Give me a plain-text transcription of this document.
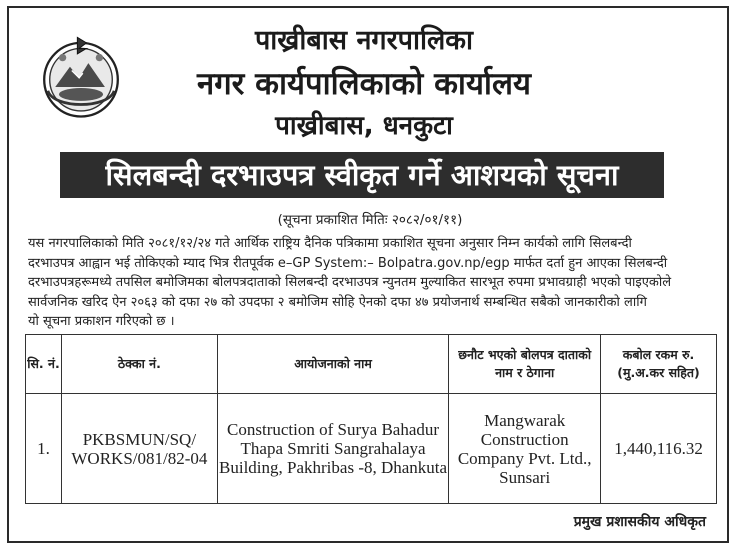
पाख्रीबास नगरपालिका
नगर कार्यपालिकाको कार्यालय
पाख्रीबास, धनकुटा
सिलबन्दी दरभाउपत्र स्वीकृत गर्ने आशयको सूचना
(सूचना प्रकाशित मितिः २०८२/०१/११)
यस नगरपालिकाको मिति २०८१/१२/२४ गते आर्थिक राष्ट्रिय दैनिक पत्रिकामा प्रकाशित सूचना अनुसार निम्न कार्यको लागि सिलबन्दी
दरभाउपत्र आह्वान भई तोकिएको म्याद भित्र रीतपूर्वक e–GP System:– Bolpatra.gov.np/egp मार्फत दर्ता हुन आएका सिलबन्दी
दरभाउपत्रहरूमध्ये तपसिल बमोजिमका बोलपत्रदाताको सिलबन्दी दरभाउपत्र न्युनतम मुल्याकित सारभूत रुपमा प्रभावग्राही भएको पाइएकोले
सार्वजनिक खरिद ऐन २०६३ को दफा २७ को उपदफा २ बमोजिम सोहि ऐनको दफा ४७ प्रयोजनार्थ सम्बन्धित सबैको जानकारीको लागि
यो सूचना प्रकाशन गरिएको छ ।
सि. नं.	ठेक्का नं.	आयोजनाको नाम	छनौट भएको बोलपत्र दाताको नाम र ठेगाना	कबोल रकम रु. (मु.अ.कर सहित)
1.	PKBSMUN/SQ/ WORKS/081/82-04	Construction of Surya Bahadur Thapa Smriti Sangrahalaya Building, Pakhribas -8, Dhankuta	Mangwarak Construction Company Pvt. Ltd., Sunsari	1,440,116.32
प्रमुख प्रशासकीय अधिकृत
